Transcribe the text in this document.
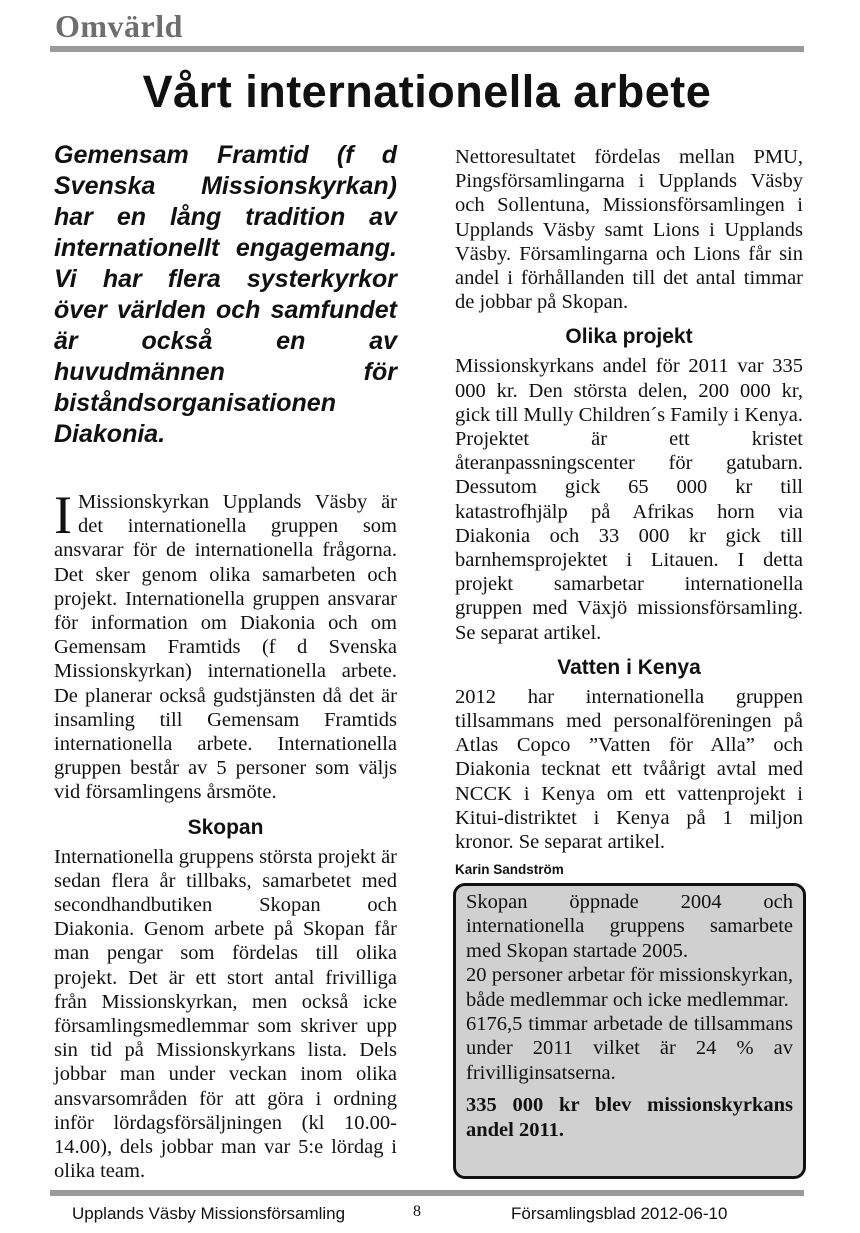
Omvärld
Vårt internationella arbete

Gemensam Framtid (f d Svenska Missionskyrkan) har en lång tradition av internationellt engagemang. Vi har flera systerkyrkor över världen och samfundet är också en av huvudmännen för biståndsorganisationen Diakonia.

I Missionskyrkan Upplands Väsby är det internationella gruppen som ansvarar för de internationella frågorna. Det sker genom olika samarbeten och projekt. Internationella gruppen ansvarar för information om Diakonia och om Gemensam Framtids (f d Svenska Missionskyrkan) internationella arbete. De planerar också gudstjänsten då det är insamling till Gemensam Framtids internationella arbete. Internationella gruppen består av 5 personer som väljs vid församlingens årsmöte.

Skopan

Internationella gruppens största projekt är sedan flera år tillbaks, samarbetet med secondhandbutiken Skopan och Diakonia. Genom arbete på Skopan får man pengar som fördelas till olika projekt. Det är ett stort antal frivilliga från Missionskyrkan, men också icke församlingsmedlemmar som skriver upp sin tid på Missionskyrkans lista. Dels jobbar man under veckan inom olika ansvarsområden för att göra i ordning inför lördagsförsäljningen (kl 10.00-14.00), dels jobbar man var 5:e lördag i olika team.

Nettoresultatet fördelas mellan PMU, Pingsförsamlingarna i Upplands Väsby och Sollentuna, Missionsförsamlingen i Upplands Väsby samt Lions i Upplands Väsby. Församlingarna och Lions får sin andel i förhållanden till det antal timmar de jobbar på Skopan.

Olika projekt

Missionskyrkans andel för 2011 var 335 000 kr. Den största delen, 200 000 kr, gick till Mully Children´s Family i Kenya. Projektet är ett kristet återanpassningscenter för gatubarn. Dessutom gick 65 000 kr till katastrofhjälp på Afrikas horn via Diakonia och 33 000 kr gick till barnhemsprojektet i Litauen. I detta projekt samarbetar internationella gruppen med Växjö missionsförsamling. Se separat artikel.

Vatten i Kenya

2012 har internationella gruppen tillsammans med personalföreningen på Atlas Copco ”Vatten för Alla” och Diakonia tecknat ett tvåårigt avtal med NCCK i Kenya om ett vattenprojekt i Kitui-distriktet i Kenya på 1 miljon kronor. Se separat artikel.

Karin Sandström

Skopan öppnade 2004 och internationella gruppens samarbete med Skopan startade 2005.

20 personer arbetar för missionskyrkan, både medlemmar och icke medlemmar.

6176,5 timmar arbetade de tillsammans under 2011 vilket är 24 % av frivilliginsatserna.

335 000 kr blev missionskyrkans andel 2011.

Upplands Väsby Missionsförsamling	8	Församlingsblad 2012-06-10
